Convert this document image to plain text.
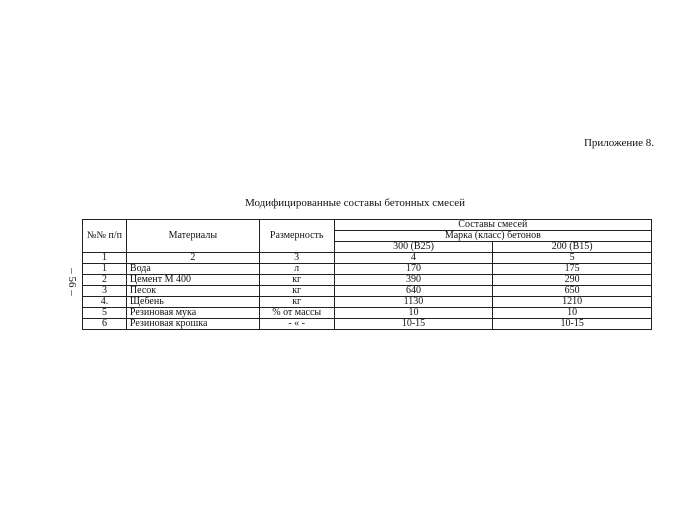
Приложение 8.
Модифицированные составы бетонных смесей
– 56 –
№№ п/п	Материалы	Размерность	Составы смесей	
			Марка (класс) бетонов	
			300 (В25)	200 (В15)
1	2	3	4	5
1	Вода	л	170	175
2	Цемент М 400	кг	390	290
3	Песок	кг	640	650
4.	Щебень	кг	1130	1210
5	Резиновая мука	% от массы	10	10
6	Резиновая крошка	- « -	10-15	10-15
